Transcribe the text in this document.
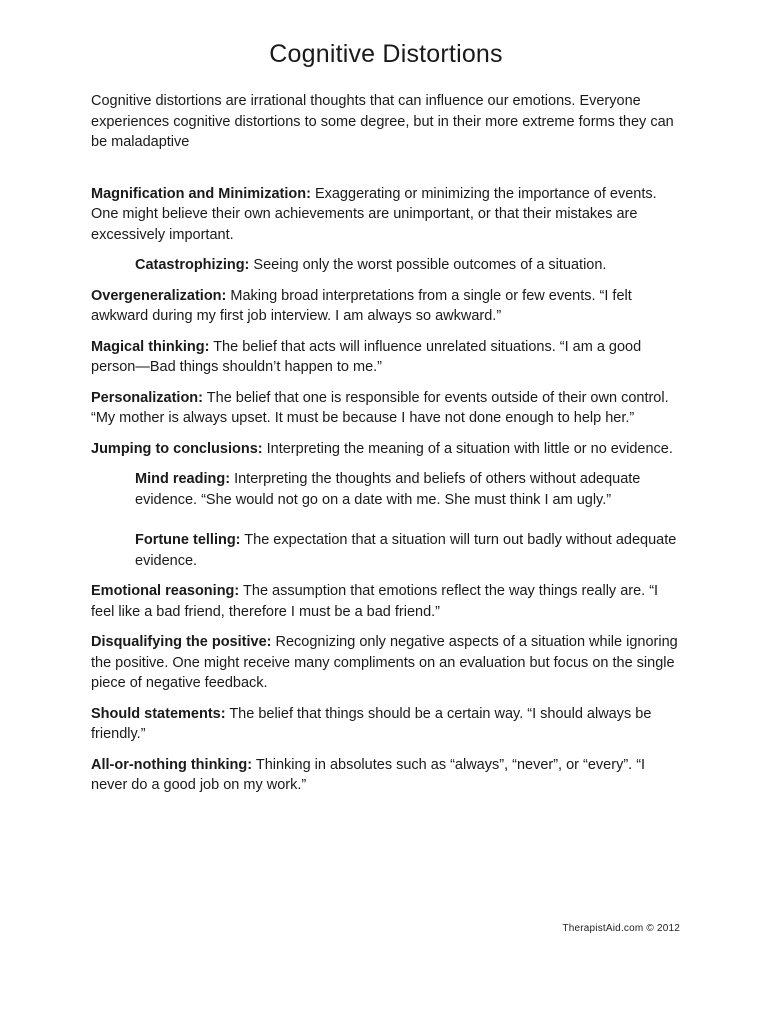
Cognitive Distortions

Cognitive distortions are irrational thoughts that can influence our emotions. Everyone experiences cognitive distortions to some degree, but in their more extreme forms they can be maladaptive

Magnification and Minimization: Exaggerating or minimizing the importance of events. One might believe their own achievements are unimportant, or that their mistakes are excessively important.

Catastrophizing: Seeing only the worst possible outcomes of a situation.

Overgeneralization: Making broad interpretations from a single or few events. “I felt awkward during my first job interview. I am always so awkward.”

Magical thinking: The belief that acts will influence unrelated situations. “I am a good person—Bad things shouldn’t happen to me.”

Personalization: The belief that one is responsible for events outside of their own control. “My mother is always upset. It must be because I have not done enough to help her.”

Jumping to conclusions: Interpreting the meaning of a situation with little or no evidence.

Mind reading: Interpreting the thoughts and beliefs of others without adequate evidence. “She would not go on a date with me. She must think I am ugly.”

Fortune telling: The expectation that a situation will turn out badly without adequate evidence.

Emotional reasoning: The assumption that emotions reflect the way things really are. “I feel like a bad friend, therefore I must be a bad friend.”

Disqualifying the positive: Recognizing only negative aspects of a situation while ignoring the positive. One might receive many compliments on an evaluation but focus on the single piece of negative feedback.

Should statements: The belief that things should be a certain way. “I should always be friendly.”

All-or-nothing thinking: Thinking in absolutes such as “always”, “never”, or “every”. “I never do a good job on my work.”

TherapistAid.com © 2012
